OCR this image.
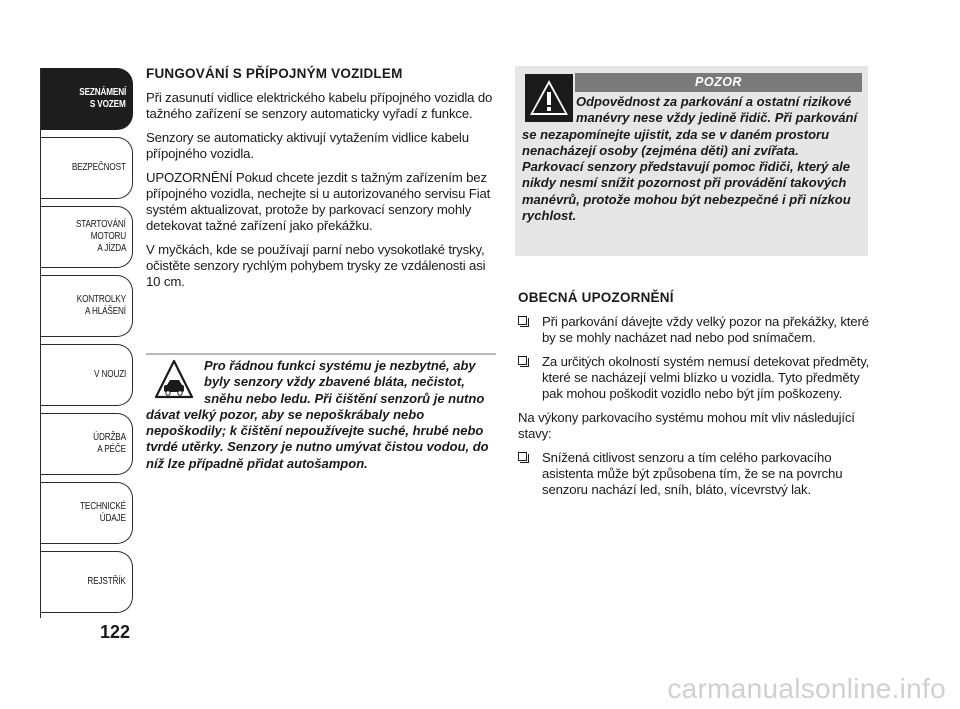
SEZNÁMENÍ
S VOZEM
BEZPEČNOST
STARTOVÁNÍ
MOTORU
A JÍZDA
KONTROLKY
A HLÁŠENÍ
V NOUZI
ÚDRŽBA
A PÉČE
TECHNICKÉ
ÚDAJE
REJSTŘÍK
122
FUNGOVÁNÍ S PŘÍPOJNÝM VOZIDLEM

Při zasunutí vidlice elektrického kabelu přípojného vozidla do tažného zařízení se senzory automaticky vyřadí z funkce.

Senzory se automaticky aktivují vytažením vidlice kabelu přípojného vozidla.

UPOZORNĚNÍ Pokud chcete jezdit s tažným zařízením bez přípojného vozidla, nechejte si u autorizovaného servisu Fiat systém aktualizovat, protože by parkovací senzory mohly detekovat tažné zařízení jako překážku.

V myčkách, kde se používají parní nebo vysokotlaké trysky, očistěte senzory rychlým pohybem trysky ze vzdálenosti asi 10 cm.

Pro řádnou funkci systému je nezbytné, aby byly senzory vždy zbavené bláta, nečistot, sněhu nebo ledu. Při čištění senzorů je nutno dávat velký pozor, aby se nepoškrábaly nebo nepoškodily; k čištění nepoužívejte suché, hrubé nebo tvrdé utěrky. Senzory je nutno umývat čistou vodou, do níž lze případně přidat autošampon.

POZOR

Odpovědnost za parkování a ostatní rizikové manévry nese vždy jedině řidič. Při parkování se nezapomínejte ujistit, zda se v daném prostoru nenacházejí osoby (zejména děti) ani zvířata. Parkovací senzory představují pomoc řidiči, který ale nikdy nesmí snížit pozornost při provádění takových manévrů, protože mohou být nebezpečné i při nízkou rychlost.

OBECNÁ UPOZORNĚNÍ
Při parkování dávejte vždy velký pozor na překážky, které by se mohly nacházet nad nebo pod snímačem.
Za určitých okolností systém nemusí detekovat předměty, které se nacházejí velmi blízko u vozidla. Tyto předměty pak mohou poškodit vozidlo nebo být jím poškozeny.

Na výkony parkovacího systému mohou mít vliv následující stavy:

Snížená citlivost senzoru a tím celého parkovacího asistenta může být způsobena tím, že se na povrchu senzoru nachází led, sníh, bláto, vícevrstvý lak.
carmanualsonline.info
